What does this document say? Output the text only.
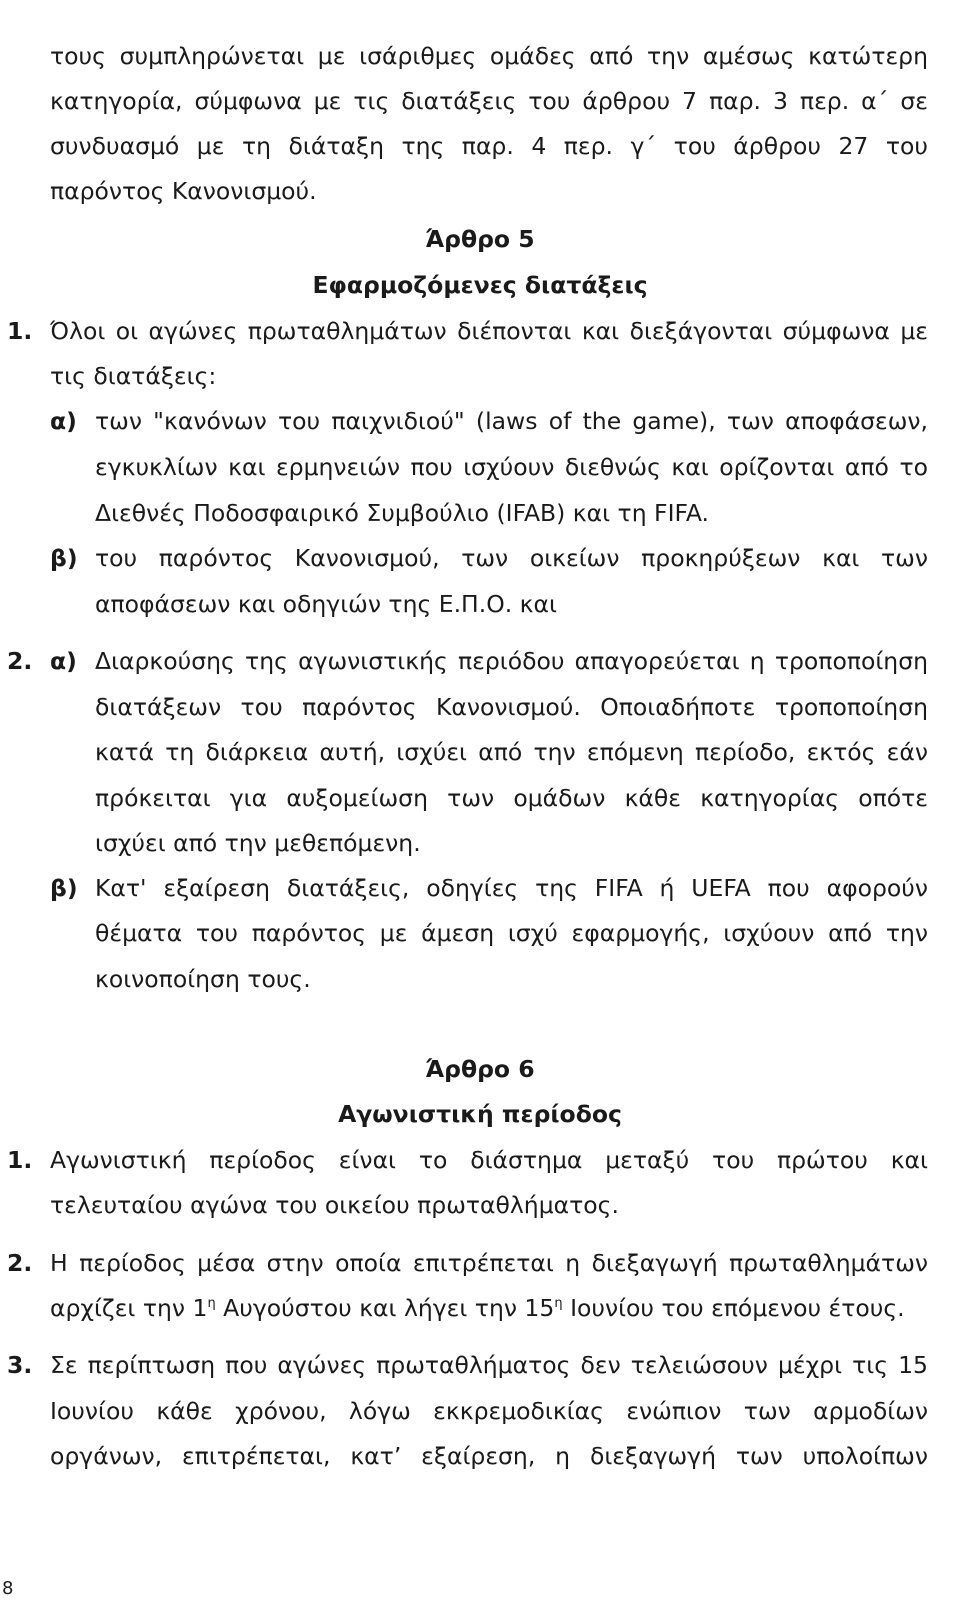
τους συμπληρώνεται με ισάριθμες ομάδες από την αμέσως κατώτερη
κατηγορία, σύμφωνα με τις διατάξεις του άρθρου 7 παρ. 3 περ. α΄ σε
συνδυασμό με τη διάταξη της παρ. 4 περ. γ΄ του άρθρου 27 του
παρόντος Κανονισμού.
Άρθρο 5
Εφαρμοζόμενες διατάξεις
1. Όλοι οι αγώνες πρωταθλημάτων διέπονται και διεξάγονται σύμφωνα με
τις διατάξεις:
α) των "κανόνων του παιχνιδιού" (laws of the game), των αποφάσεων,
εγκυκλίων και ερμηνειών που ισχύουν διεθνώς και ορίζονται από το
Διεθνές Ποδοσφαιρικό Συμβούλιο (IFAB) και τη FIFA.
β) του παρόντος Κανονισμού, των οικείων προκηρύξεων και των
αποφάσεων και οδηγιών της Ε.Π.Ο. και
2. α) Διαρκούσης της αγωνιστικής περιόδου απαγορεύεται η τροποποίηση
διατάξεων του παρόντος Κανονισμού. Οποιαδήποτε τροποποίηση
κατά τη διάρκεια αυτή, ισχύει από την επόμενη περίοδο, εκτός εάν
πρόκειται για αυξομείωση των ομάδων κάθε κατηγορίας οπότε
ισχύει από την μεθεπόμενη.
β) Κατ' εξαίρεση διατάξεις, οδηγίες της FIFA ή UEFA που αφορούν
θέματα του παρόντος με άμεση ισχύ εφαρμογής, ισχύουν από την
κοινοποίηση τους.
Άρθρο 6
Αγωνιστική περίοδος
1. Αγωνιστική περίοδος είναι το διάστημα μεταξύ του πρώτου και
τελευταίου αγώνα του οικείου πρωταθλήματος.
2. Η περίοδος μέσα στην οποία επιτρέπεται η διεξαγωγή πρωταθλημάτων
αρχίζει την $1^\eta$ Αυγούστου και λήγει την $15^\eta$ Ιουνίου του επόμενου έτους.
3. Σε περίπτωση που αγώνες πρωταθλήματος δεν τελειώσουν μέχρι τις 15
Ιουνίου κάθε χρόνου, λόγω εκκρεμοδικίας ενώπιον των αρμοδίων
οργάνων, επιτρέπεται, κατ’ εξαίρεση, η διεξαγωγή των υπολοίπων
8
